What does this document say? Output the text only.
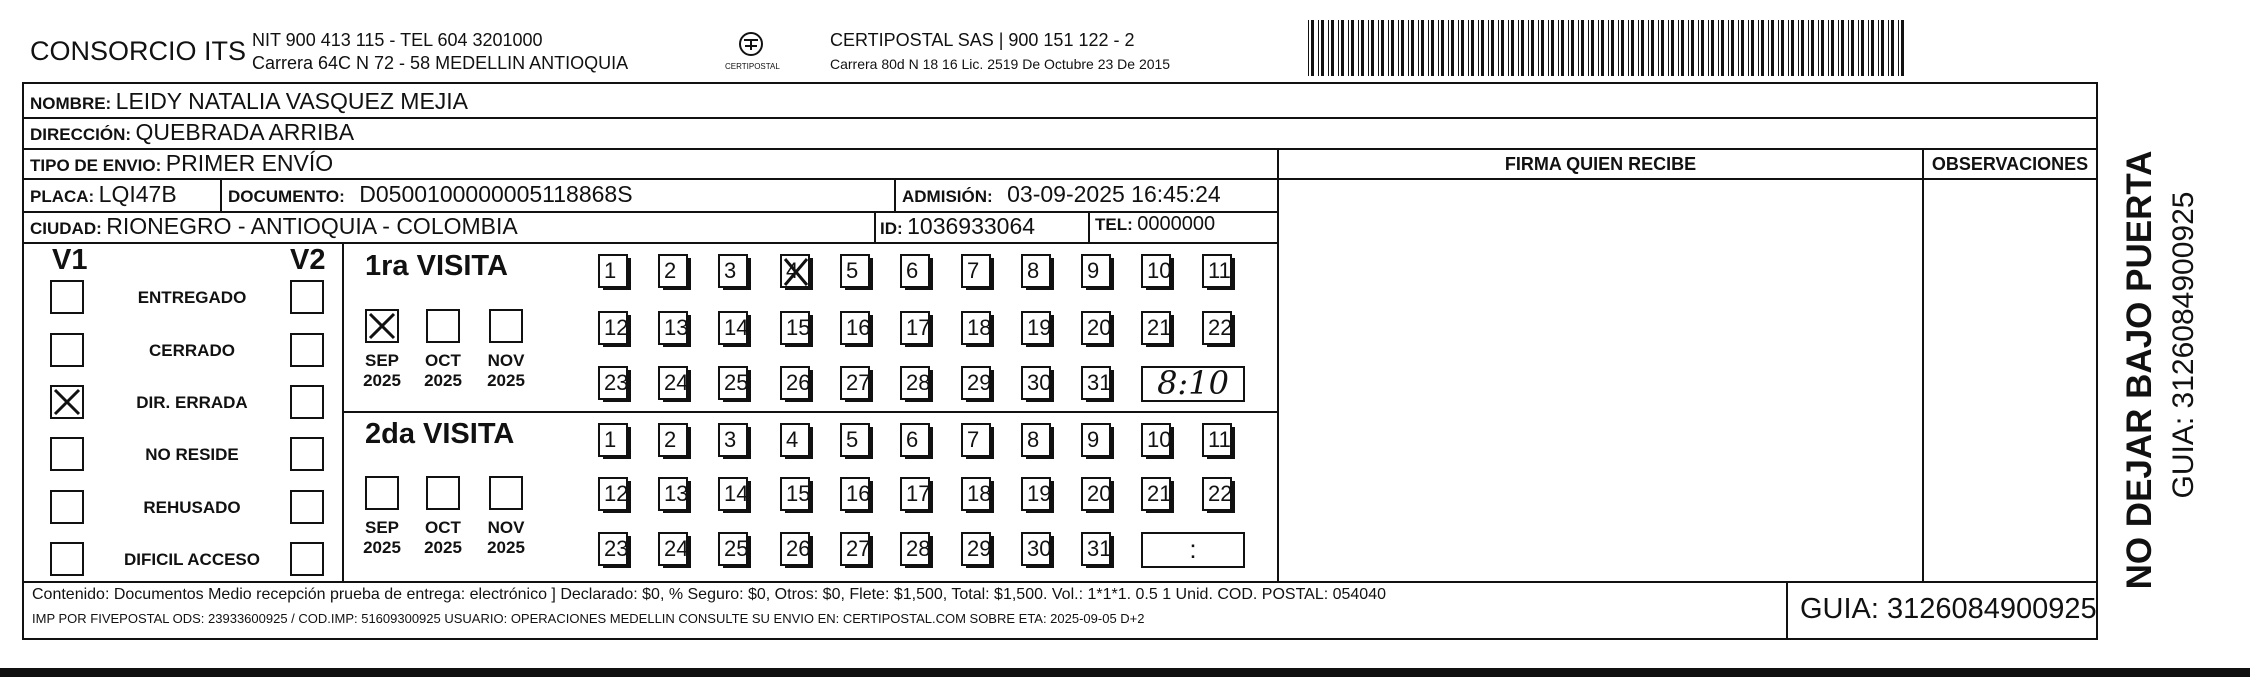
CONSORCIO ITS NIT 900 413 115 - TEL 604 3201000
Carrera 64C N 72 - 58 MEDELLIN ANTIOQUIA	CERTIPOSTAL
CERTIPOSTAL SAS | 900 151 122 - 2
Carrera 80d N 18 16 Lic. 2519 De Octubre 23 De 2015
NOMBRE: LEIDY NATALIA VASQUEZ MEJIA
DIRECCIÓN: QUEBRADA ARRIBA
TIPO DE ENVIO: PRIMER ENVÍO
PLACA: LQI47B	DOCUMENTO: D0500100000005118868S	ADMISIÓN: 03-09-2025 16:45:24
CIUDAD: RIONEGRO - ANTIOQUIA - COLOMBIA	ID: 1036933064	TEL: 0000000
FIRMA QUIEN RECIBE	OBSERVACIONES NO DEJAR BAJO PUERTA GUIA: 3126084900925
V1	V2
ENTREGADO
CERRADO
DIR. ERRADA
NO RESIDE
REHUSADO
DIFICIL ACCESO
1ra VISITA
2da VISITA
SEP
2025
OCT
2025
NOV
2025
SEP
2025
OCT
2025
NOV
2025
1	2	3	4	5	6	7	8	9	10 11
12 13 14 15 16 17 18 19 20 21 22
23 24 25 26 27 28 29 30 31	8:10
1	2	3	4	5	6	7	8	9	10 11
12 13 14 15 16 17 18 19 20 21 22
23 24 25 26 27 28 29 30 31	:
Contenido: Documentos Medio recepción prueba de entrega: electrónico ] Declarado: $0, % Seguro: $0, Otros: $0, Flete: $1,500, Total: $1,500. Vol.: 1*1*1. 0.5 1 Unid. COD. POSTAL: 054040
IMP POR FIVEPOSTAL ODS: 23933600925 / COD.IMP: 51609300925 USUARIO: OPERACIONES MEDELLIN CONSULTE SU ENVIO EN: CERTIPOSTAL.COM SOBRE ETA: 2025-09-05 D+2	GUIA: 3126084900925
